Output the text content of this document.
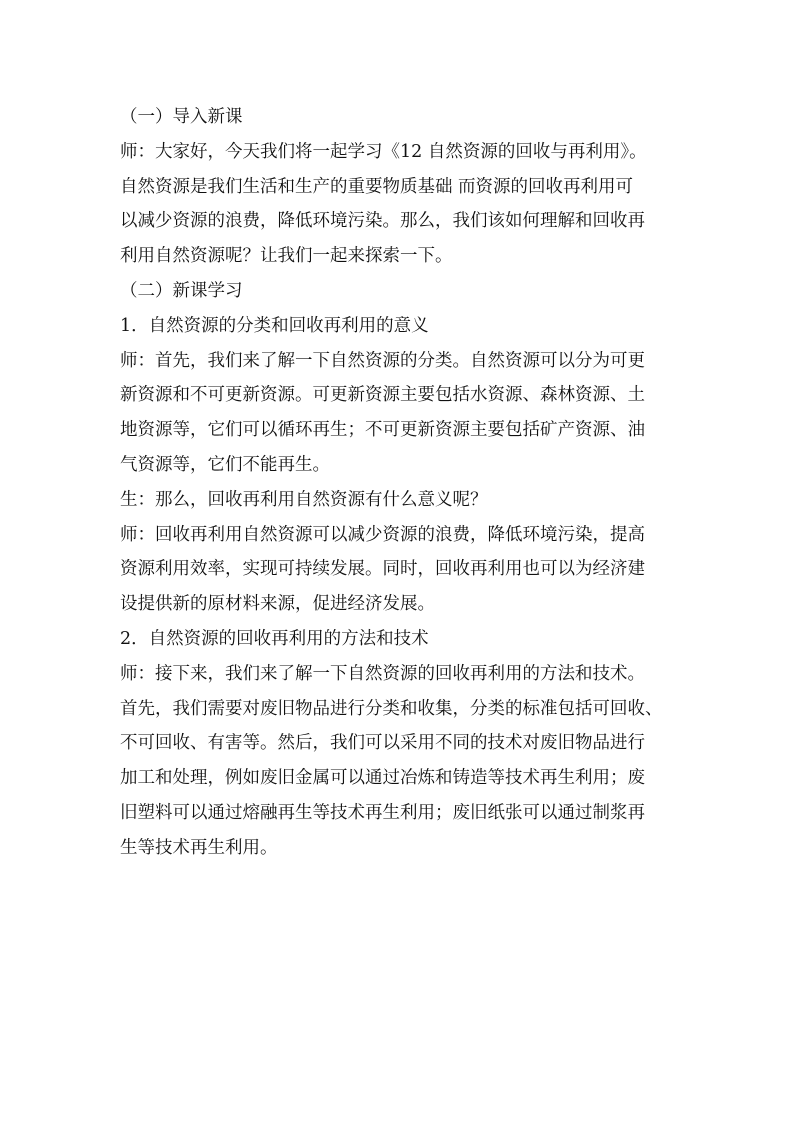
（一）导入新课

师：大家好，今天我们将一起学习《12 自然资源的回收与再利用》。

自然资源是我们生活和生产的重要物质基础 而资源的回收再利用可

以减少资源的浪费，降低环境污染。那么，我们该如何理解和回收再

利用自然资源呢？让我们一起来探索一下。

（二）新课学习

1．自然资源的分类和回收再利用的意义

师：首先，我们来了解一下自然资源的分类。自然资源可以分为可更

新资源和不可更新资源。可更新资源主要包括水资源、森林资源、土

地资源等，它们可以循环再生；不可更新资源主要包括矿产资源、油

气资源等，它们不能再生。

生：那么，回收再利用自然资源有什么意义呢？

师：回收再利用自然资源可以减少资源的浪费，降低环境污染，提高

资源利用效率，实现可持续发展。同时，回收再利用也可以为经济建

设提供新的原材料来源，促进经济发展。

2．自然资源的回收再利用的方法和技术

师：接下来，我们来了解一下自然资源的回收再利用的方法和技术。

首先，我们需要对废旧物品进行分类和收集，分类的标准包括可回收、

不可回收、有害等。然后，我们可以采用不同的技术对废旧物品进行

加工和处理，例如废旧金属可以通过冶炼和铸造等技术再生利用；废

旧塑料可以通过熔融再生等技术再生利用；废旧纸张可以通过制浆再

生等技术再生利用。
